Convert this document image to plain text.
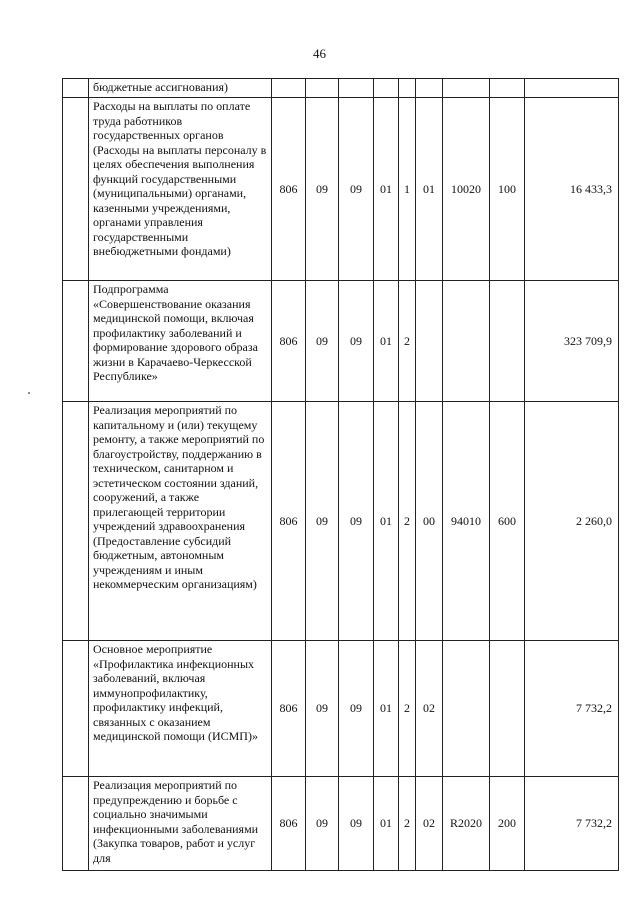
46

	бюджетные ассигнования)									

	Расходы на выплаты по оплате труда работников государственных органов (Расходы на выплаты персоналу в целях обеспечения выполнения функций государственными (муниципальными) органами, казенными учреждениями, органами управления государственными внебюджетными фондами)	806	09	09	01	1	01	10020	100	16 433,3

	Подпрограмма «Совершенствование оказания медицинской помощи, включая профилактику заболеваний и формирование здорового образа жизни в Карачаево-Черкесской Республике»	806	09	09	01	2				323 709,9

	Реализация мероприятий по капитальному и (или) текущему ремонту, а также мероприятий по благоустройству, поддержанию в техническом, санитарном и эстетическом состоянии зданий, сооружений, а также прилегающей территории учреждений здравоохранения (Предоставление субсидий бюджетным, автономным учреждениям и иным некоммерческим организациям)	806	09	09	01	2	00	94010	600	2 260,0

	Основное мероприятие «Профилактика инфекционных заболеваний, включая иммунопрофилактику, профилактику инфекций, связанных с оказанием медицинской помощи (ИСМП)»	806	09	09	01	2	02			7 732,2

	Реализация мероприятий по предупреждению и борьбе с социально значимыми инфекционными заболеваниями (Закупка товаров, работ и услуг для	806	09	09	01	2	02	R2020	200	7 732,2
